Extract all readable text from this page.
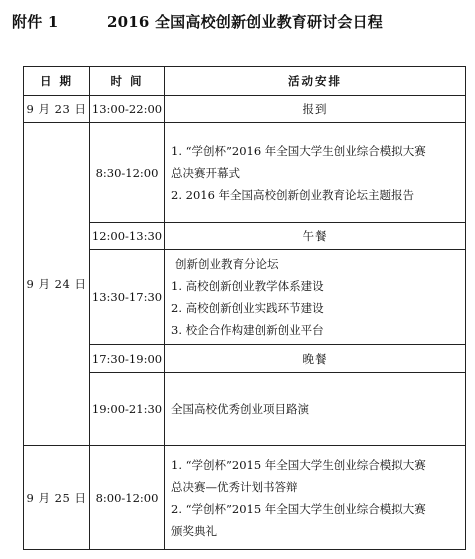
附件 1	2016 全国高校创新创业教育研讨会日程
日 期	时 间	活动安排
9 月 23 日	13:00-22:00	报到
9 月 24 日	8:30-12:00	1. “学创杯”2016 年全国大学生创业综合模拟大赛
总决赛开幕式
2. 2016 年全国高校创新创业教育论坛主题报告

	12:00-13:30	午餐
	13:30-17:30	创新创业教育分论坛
1. 高校创新创业教学体系建设
2. 高校创新创业实践环节建设
3. 校企合作构建创新创业平台

	17:30-19:00	晚餐
	19:00-21:30	全国高校优秀创业项目路演

9 月 25 日	8:00-12:00	1. “学创杯”2015 年全国大学生创业综合模拟大赛
总决赛—优秀计划书答辩
2. “学创杯”2015 年全国大学生创业综合模拟大赛
颁奖典礼
